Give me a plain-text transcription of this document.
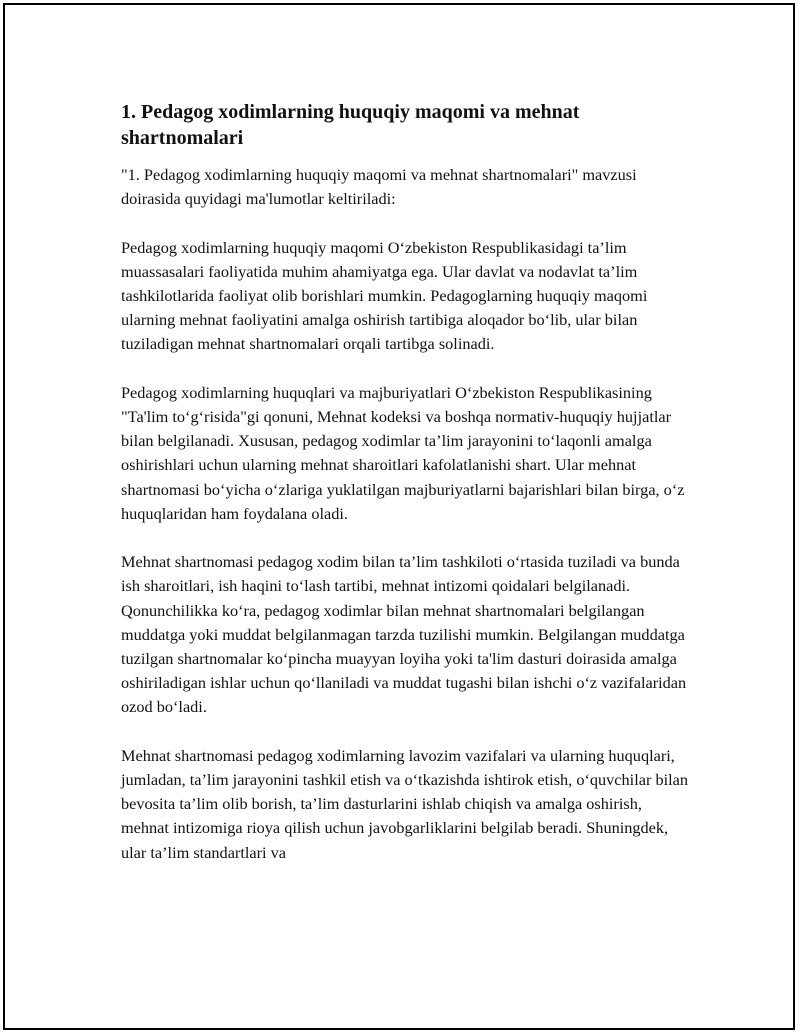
1. Pedagog xodimlarning huquqiy maqomi va mehnat shartnomalari

"1. Pedagog xodimlarning huquqiy maqomi va mehnat shartnomalari" mavzusi doirasida quyidagi ma'lumotlar keltiriladi:

Pedagog xodimlarning huquqiy maqomi O‘zbekiston Respublikasidagi ta’lim muassasalari faoliyatida muhim ahamiyatga ega. Ular davlat va nodavlat ta’lim tashkilotlarida faoliyat olib borishlari mumkin. Pedagoglarning huquqiy maqomi ularning mehnat faoliyatini amalga oshirish tartibiga aloqador bo‘lib, ular bilan tuziladigan mehnat shartnomalari orqali tartibga solinadi.

Pedagog xodimlarning huquqlari va majburiyatlari O‘zbekiston Respublikasining "Ta'lim to‘g‘risida"gi qonuni, Mehnat kodeksi va boshqa normativ-huquqiy hujjatlar bilan belgilanadi. Xususan, pedagog xodimlar ta’lim jarayonini to‘laqonli amalga oshirishlari uchun ularning mehnat sharoitlari kafolatlanishi shart. Ular mehnat shartnomasi bo‘yicha o‘zlariga yuklatilgan majburiyatlarni bajarishlari bilan birga, o‘z huquqlaridan ham foydalana oladi.

Mehnat shartnomasi pedagog xodim bilan ta’lim tashkiloti o‘rtasida tuziladi va bunda ish sharoitlari, ish haqini to‘lash tartibi, mehnat intizomi qoidalari belgilanadi. Qonunchilikka ko‘ra, pedagog xodimlar bilan mehnat shartnomalari belgilangan muddatga yoki muddat belgilanmagan tarzda tuzilishi mumkin. Belgilangan muddatga tuzilgan shartnomalar ko‘pincha muayyan loyiha yoki ta'lim dasturi doirasida amalga oshiriladigan ishlar uchun qo‘llaniladi va muddat tugashi bilan ishchi o‘z vazifalaridan ozod bo‘ladi.

Mehnat shartnomasi pedagog xodimlarning lavozim vazifalari va ularning huquqlari, jumladan, ta’lim jarayonini tashkil etish va o‘tkazishda ishtirok etish, o‘quvchilar bilan bevosita ta’lim olib borish, ta’lim dasturlarini ishlab chiqish va amalga oshirish, mehnat intizomiga rioya qilish uchun javobgarliklarini belgilab beradi. Shuningdek, ular ta’lim standartlari va
